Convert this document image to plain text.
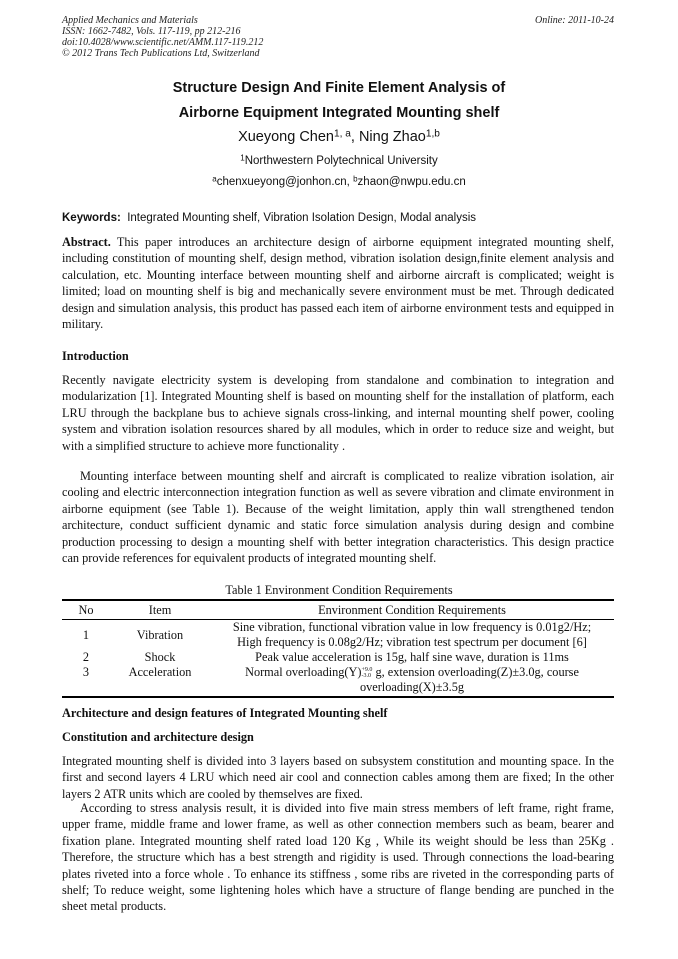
Applied Mechanics and Materials
ISSN: 1662-7482, Vols. 117-119, pp 212-216
doi:10.4028/www.scientific.net/AMM.117-119.212
© 2012 Trans Tech Publications Ltd, Switzerland
Online: 2011-10-24
Structure Design And Finite Element Analysis of
Airborne Equipment Integrated Mounting shelf
Xueyong Chen$^{1, a}$, Ning Zhao$^{1,b}$
$^1$Northwestern Polytechnical University
$^a$chenxueyong@jonhon.cn, $^b$zhaon@nwpu.edu.cn
Keywords: Integrated Mounting shelf, Vibration Isolation Design, Modal analysis
Abstract. This paper introduces an architecture design of airborne equipment integrated mounting shelf, including constitution of mounting shelf, design method, vibration isolation design,finite element analysis and calculation, etc. Mounting interface between mounting shelf and airborne aircraft is complicated; weight is limited; load on mounting shelf is big and mechanically severe environment must be met. Through dedicated design and simulation analysis, this product has passed each item of airborne environment tests and equipped in military.
Introduction
Recently navigate electricity system is developing from standalone and combination to integration and modularization [1]. Integrated Mounting shelf is based on mounting shelf for the installation of platform, each LRU through the backplane bus to achieve signals cross-linking, and internal mounting shelf power, cooling system and vibration isolation resources shared by all modules, which in order to reduce size and weight, but with a simplified structure to achieve more functionality .
Mounting interface between mounting shelf and aircraft is complicated to realize vibration isolation, air cooling and electric interconnection integration function as well as severe vibration and climate environment in airborne equipment (see Table 1). Because of the weight limitation, apply thin wall strengthened tendon architecture, conduct sufficient dynamic and static force simulation analysis during design and combine production processing to design a mounting shelf with better integration characteristics. This design practice can provide references for equivalent products of integrated mounting shelf.
Table 1 Environment Condition Requirements
No	Item	Environment Condition Requirements
1	Vibration	Sine vibration, functional vibration value in low frequency is 0.01g2/Hz;
High frequency is 0.08g2/Hz; vibration test spectrum per document [6]
2	Shock	Peak value acceleration is 15g, half sine wave, duration is 11ms
3	Acceleration	Normal overloading(Y) +9.0
-3.0 g, extension overloading(Z)±3.0g, course
overloading(X)±3.5g
Architecture and design features of Integrated Mounting shelf
Constitution and architecture design
Integrated mounting shelf is divided into 3 layers based on subsystem constitution and mounting space. In the first and second layers 4 LRU which need air cool and connection cables among them are fixed; In the other layers 2 ATR units which are cooled by themselves are fixed.
According to stress analysis result, it is divided into five main stress members of left frame, right frame, upper frame, middle frame and lower frame, as well as other connection members such as beam, bearer and fixation plane. Integrated mounting shelf rated load 120 Kg , While its weight should be less than 25Kg . Therefore, the structure which has a best strength and rigidity is used. Through connections the load-bearing plates riveted into a force whole . To enhance its stiffness , some ribs are riveted in the corresponding parts of shelf; To reduce weight, some lightening holes which have a structure of flange bending are punched in the sheet metal products.
